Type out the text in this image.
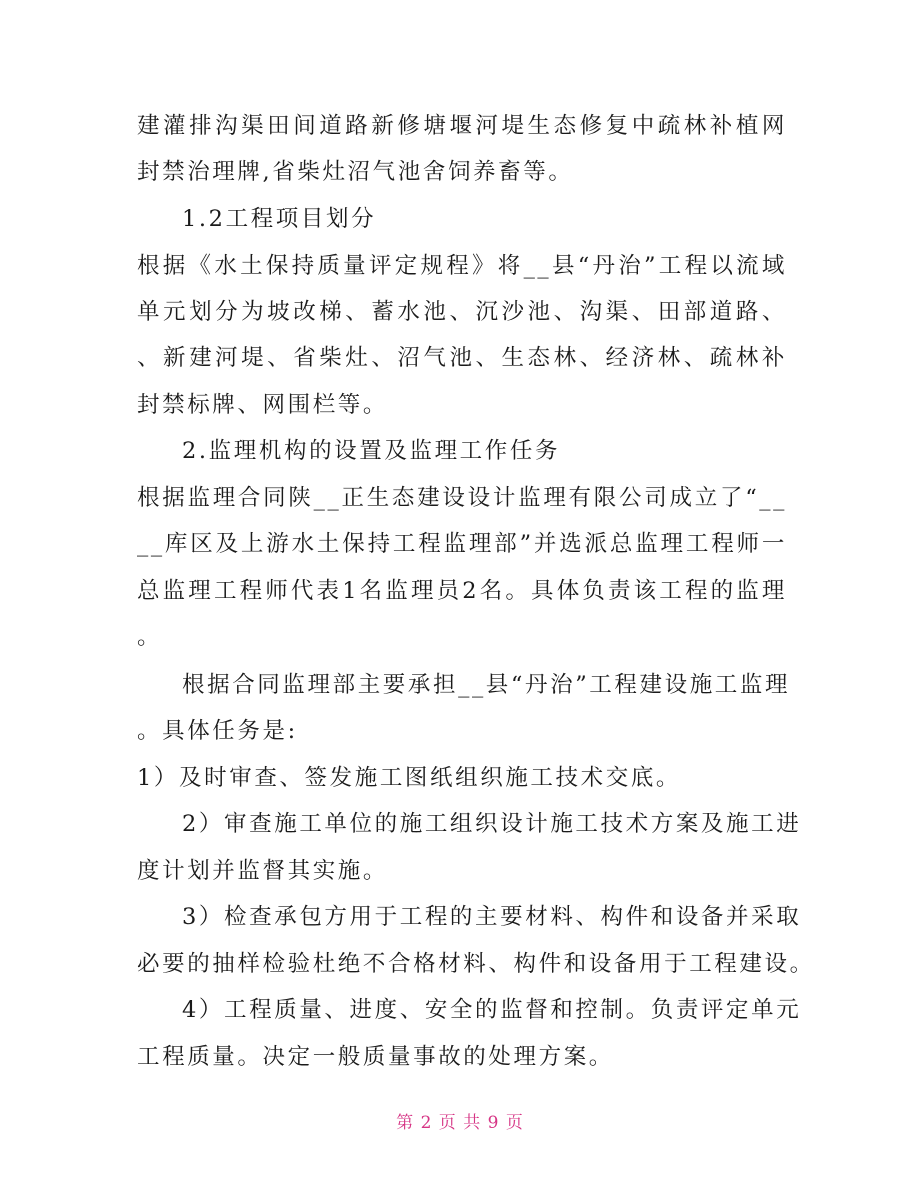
建灌排沟渠田间道路新修塘堰河堤生态修复中疏林补植网
封禁治理牌,省柴灶沼气池舍饲养畜等。
1.2工程项目划分
根据《水土保持质量评定规程》将__县“丹治”工程以流域
单元划分为坡改梯、蓄水池、沉沙池、沟渠、田部道路、
、新建河堤、省柴灶、沼气池、生态林、经济林、疏林补
封禁标牌、网围栏等。
2.监理机构的设置及监理工作任务
根据监理合同陕__正生态建设设计监理有限公司成立了“__
__库区及上游水土保持工程监理部”并选派总监理工程师一
总监理工程师代表1名监理员2名。具体负责该工程的监理
。
根据合同监理部主要承担__县“丹治”工程建设施工监理
。具体任务是:
1）及时审查、签发施工图纸组织施工技术交底。
2）审查施工单位的施工组织设计施工技术方案及施工进
度计划并监督其实施。
3）检查承包方用于工程的主要材料、构件和设备并采取
必要的抽样检验杜绝不合格材料、构件和设备用于工程建设。
4）工程质量、进度、安全的监督和控制。负责评定单元
工程质量。决定一般质量事故的处理方案。
第 2 页 共 9 页
